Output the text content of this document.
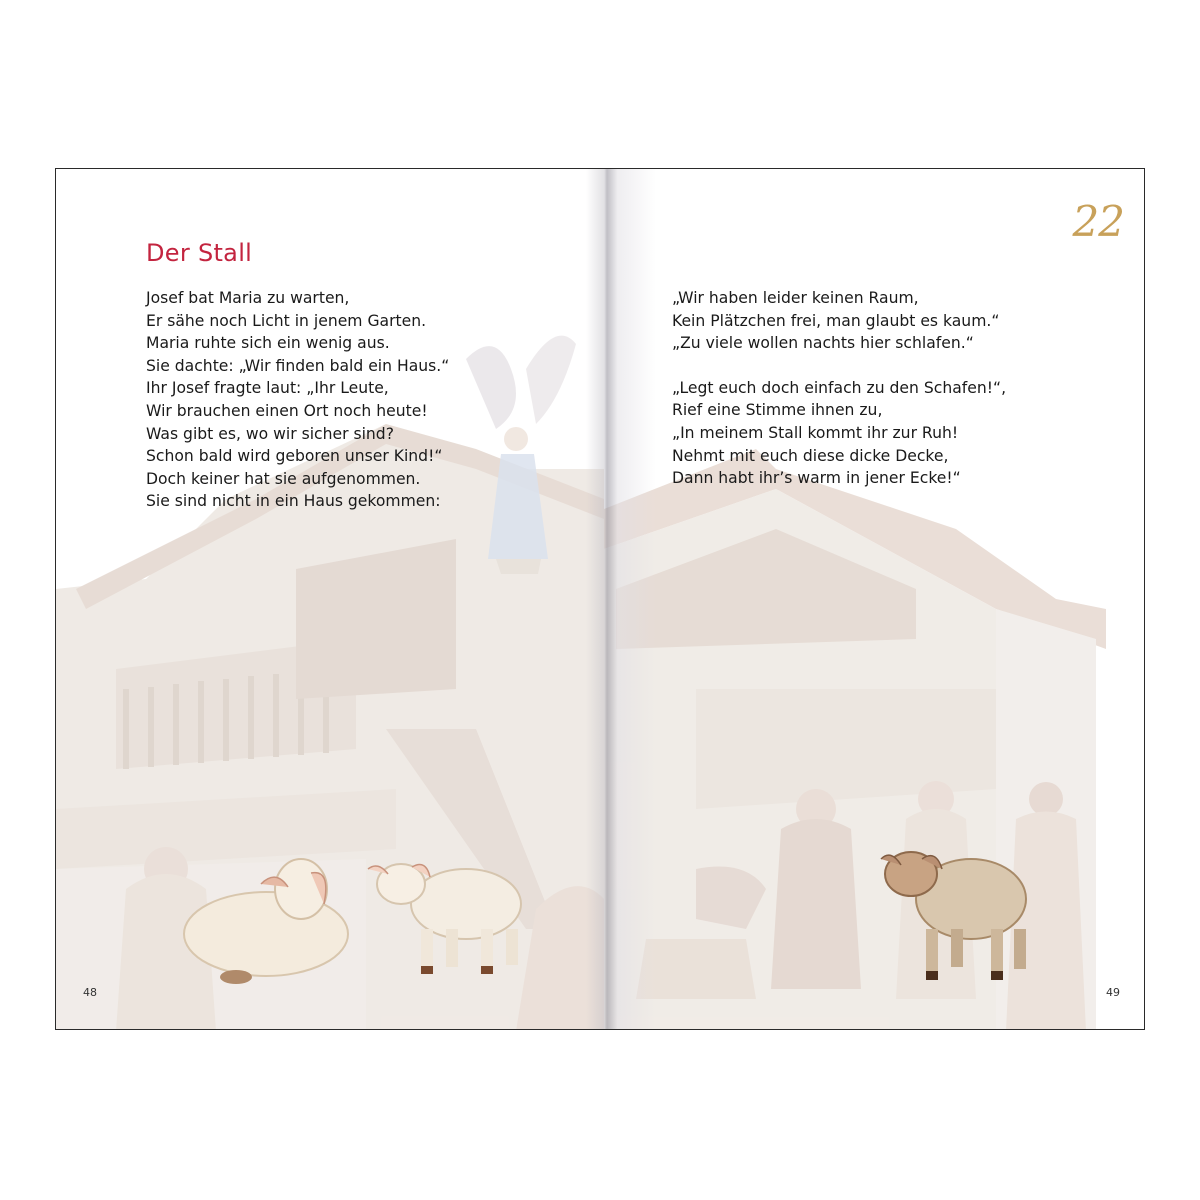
Der Stall
Josef bat Maria zu warten,
Er sähe noch Licht in jenem Garten.
Maria ruhte sich ein wenig aus.
Sie dachte: „Wir finden bald ein Haus.“
Ihr Josef fragte laut: „Ihr Leute,
Wir brauchen einen Ort noch heute!
Was gibt es, wo wir sicher sind?
Schon bald wird geboren unser Kind!“
Doch keiner hat sie aufgenommen.
Sie sind nicht in ein Haus gekommen:
48
22
49
„Wir haben leider keinen Raum,
Kein Plätzchen frei, man glaubt es kaum.“
„Zu viele wollen nachts hier schlafen.“
„Legt euch doch einfach zu den Schafen!“,
Rief eine Stimme ihnen zu,
„In meinem Stall kommt ihr zur Ruh!
Nehmt mit euch diese dicke Decke,
Dann habt ihr’s warm in jener Ecke!“
